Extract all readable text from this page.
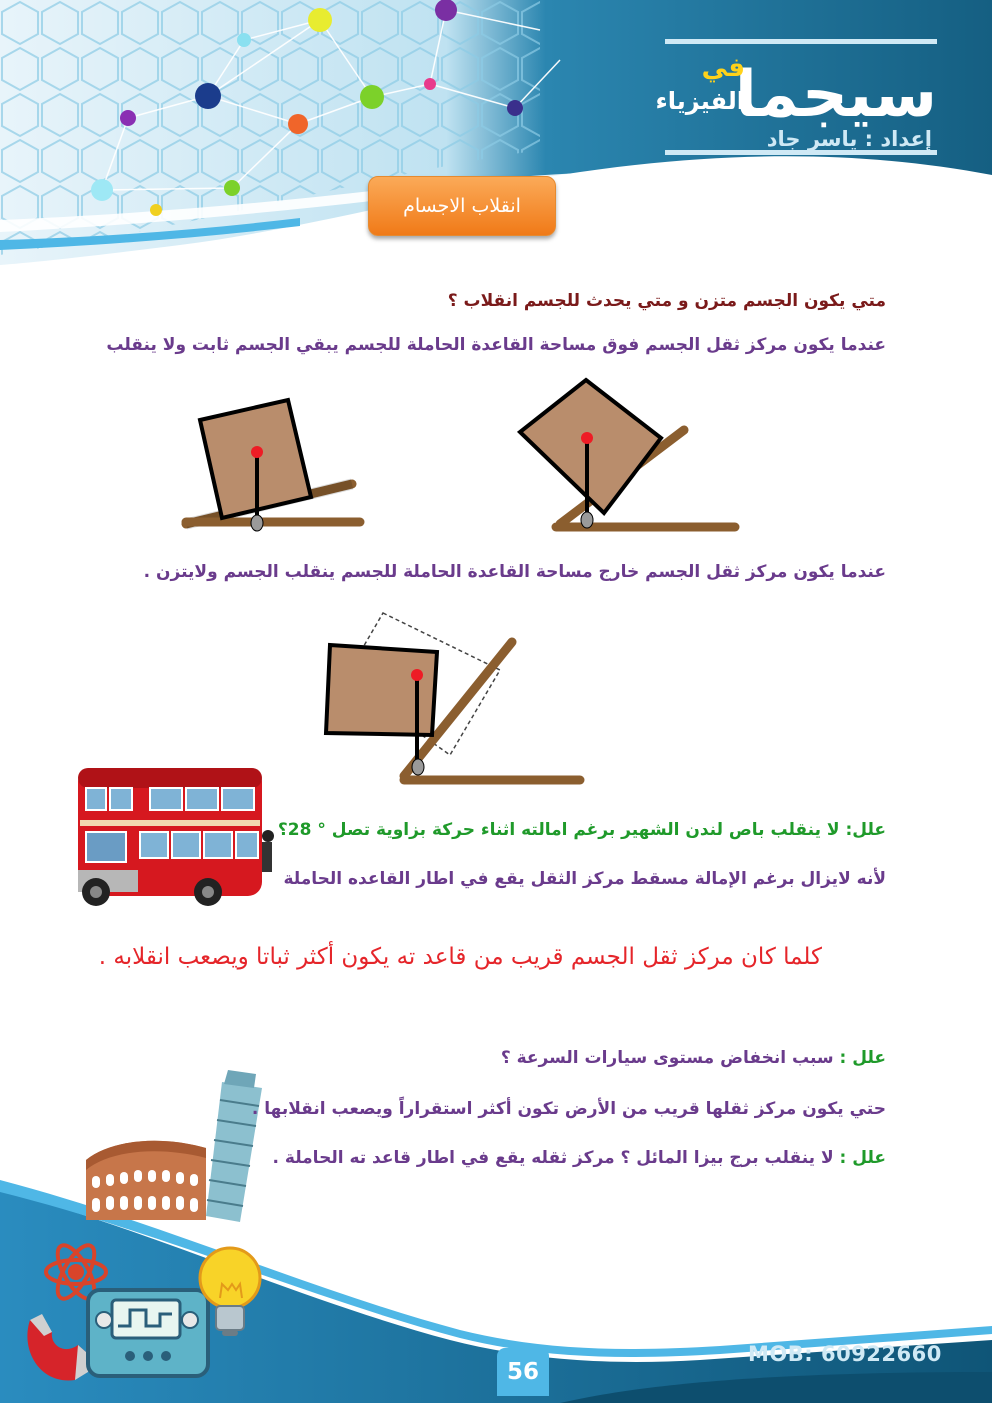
سيجما
في
الفيزياء
إعداد : ياسر جاد
انقلاب الاجسام
متي يكون الجسم متزن و متي يحدث للجسم انقلاب ؟
عندما يكون مركز ثقل الجسم فوق مساحة القاعدة الحاملة للجسم يبقي الجسم ثابت ولا ينقلب
عندما يكون مركز ثقل الجسم خارج مساحة القاعدة الحاملة للجسم ينقلب الجسم ولايتزن .
علل: لا ينقلب باص لندن الشهير برغم امالته اثناء حركة بزاوية تصل ° 28؟
لأنه لايزال برغم الإمالة مسقط مركز الثقل يقع في اطار القاعده الحاملة
كلما كان مركز ثقل الجسم قريب من قاعد ته يكون أكثر ثباتا ويصعب انقلابه .
علل : سبب انخفاض مستوى سيارات السرعة ؟
حتي يكون مركز ثقلها قريب من الأرض تكون أكثر استقراراً ويصعب انقلابها .
علل : لا ينقلب برج بيزا المائل ؟ مركز ثقله يقع في اطار قاعد ته الحاملة .
56
MOB: 60922660
